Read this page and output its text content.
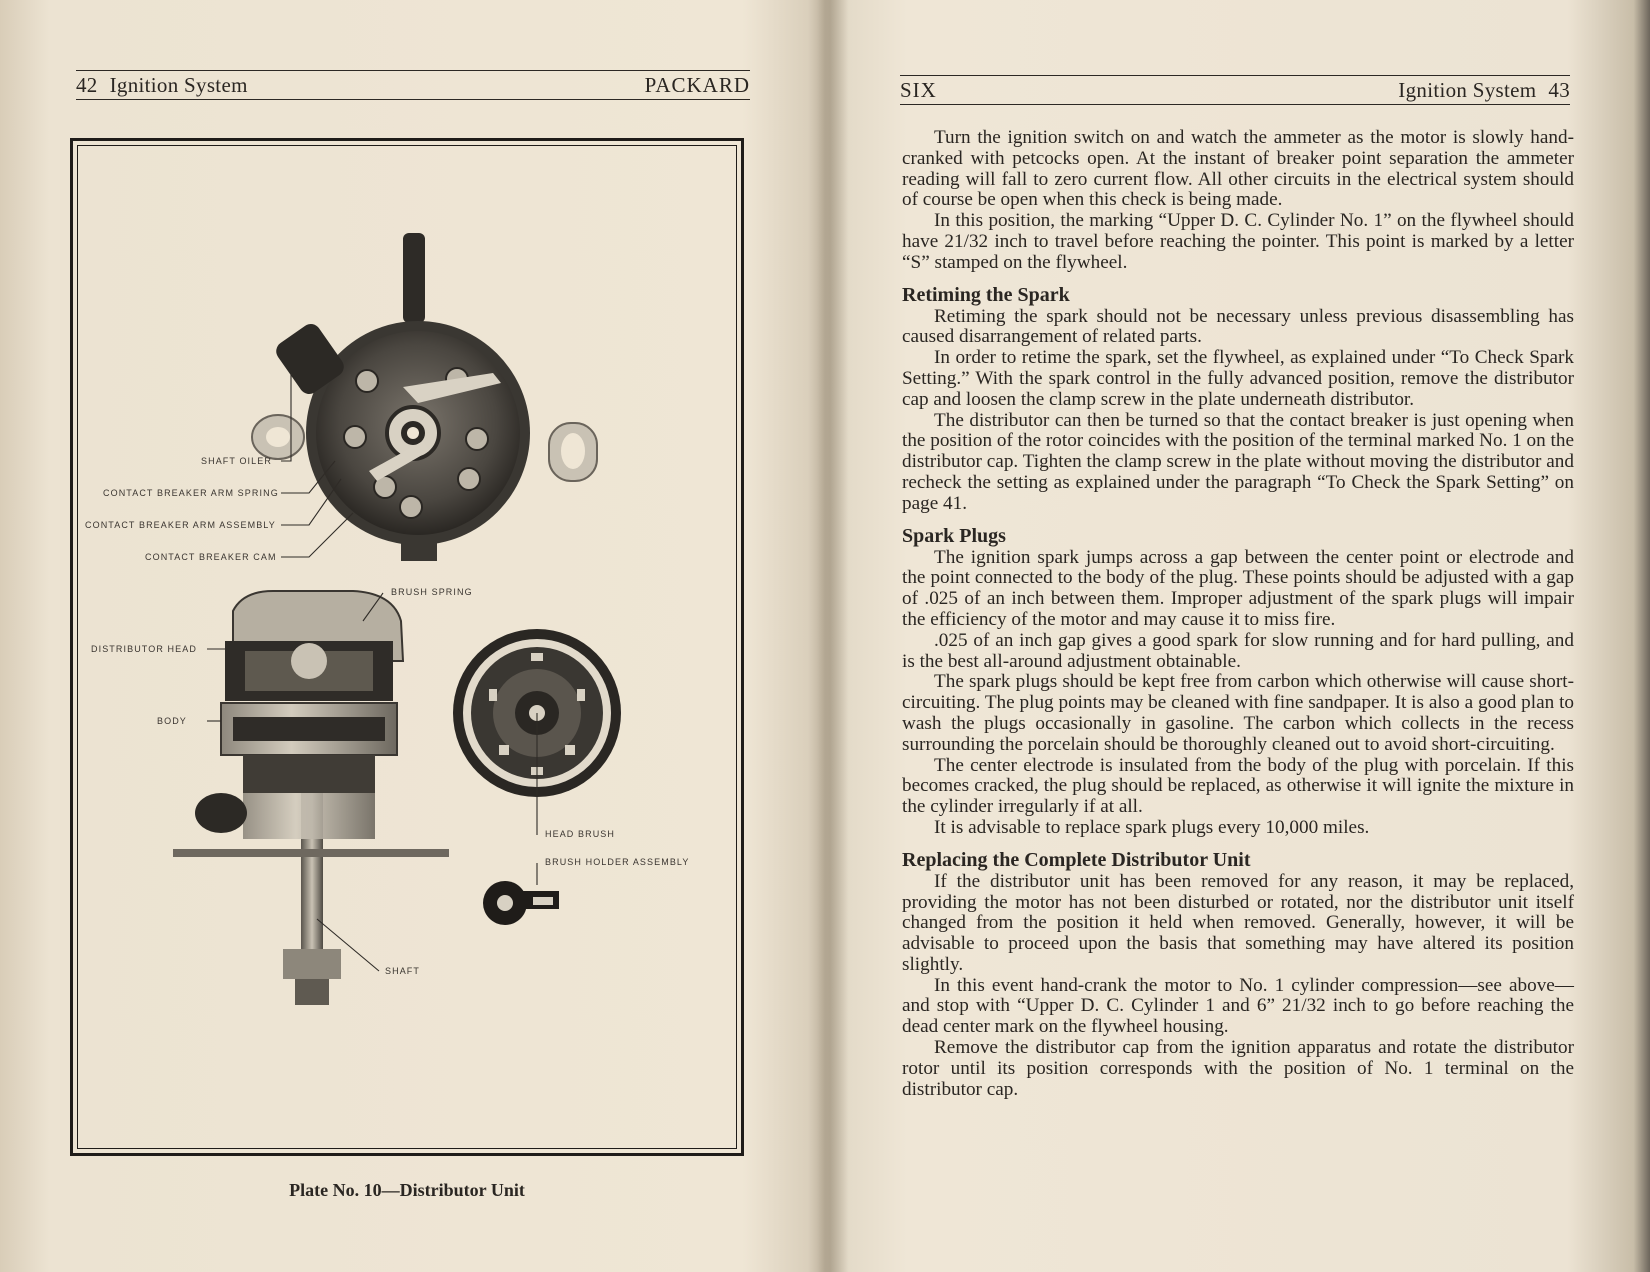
42 Ignition System	PACKARD
SHAFT OILER
CONTACT BREAKER ARM SPRING
CONTACT BREAKER ARM ASSEMBLY
CONTACT BREAKER CAM
BRUSH SPRING
DISTRIBUTOR HEAD
BODY
HEAD BRUSH
BRUSH HOLDER ASSEMBLY
SHAFT
Plate No. 10—Distributor Unit
SIX	Ignition System 43

Turn the ignition switch on and watch the ammeter as the motor is slowly hand-cranked with petcocks open. At the instant of breaker point separation the ammeter reading will fall to zero current flow. All other circuits in the electrical system should of course be open when this check is being made.

In this position, the marking “Upper D. C. Cylinder No. 1” on the flywheel should have 21/32 inch to travel before reaching the pointer. This point is marked by a letter “S” stamped on the flywheel.

Retiming the Spark

Retiming the spark should not be necessary unless previous disassembling has caused disarrangement of related parts.

In order to retime the spark, set the flywheel, as explained under “To Check Spark Setting.” With the spark control in the fully advanced position, remove the distributor cap and loosen the clamp screw in the plate underneath distributor.

The distributor can then be turned so that the contact breaker is just opening when the position of the rotor coincides with the position of the terminal marked No. 1 on the distributor cap. Tighten the clamp screw in the plate without moving the distributor and recheck the setting as explained under the paragraph “To Check the Spark Setting” on page 41.

Spark Plugs

The ignition spark jumps across a gap between the center point or electrode and the point connected to the body of the plug. These points should be adjusted with a gap of .025 of an inch between them. Improper adjustment of the spark plugs will impair the efficiency of the motor and may cause it to miss fire.

.025 of an inch gap gives a good spark for slow running and for hard pulling, and is the best all-around adjustment obtainable.

The spark plugs should be kept free from carbon which otherwise will cause short-circuiting. The plug points may be cleaned with fine sandpaper. It is also a good plan to wash the plugs occasionally in gasoline. The carbon which collects in the recess surrounding the porcelain should be thoroughly cleaned out to avoid short-circuiting.

The center electrode is insulated from the body of the plug with porcelain. If this becomes cracked, the plug should be replaced, as otherwise it will ignite the mixture in the cylinder irregularly if at all.

It is advisable to replace spark plugs every 10,000 miles.

Replacing the Complete Distributor Unit

If the distributor unit has been removed for any reason, it may be replaced, providing the motor has not been disturbed or rotated, nor the distributor unit itself changed from the position it held when removed. Generally, however, it will be advisable to proceed upon the basis that something may have altered its position slightly.

In this event hand-crank the motor to No. 1 cylinder compression—see above—and stop with “Upper D. C. Cylinder 1 and 6” 21/32 inch to go before reaching the dead center mark on the flywheel housing.

Remove the distributor cap from the ignition apparatus and rotate the distributor rotor until its position corresponds with the position of No. 1 terminal on the distributor cap.
